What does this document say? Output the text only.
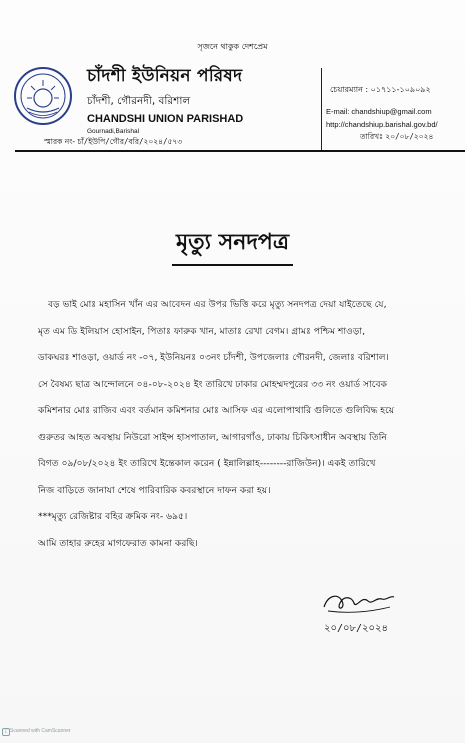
সৃজনে থাকুক দেশপ্রেম
চাঁদশী ইউনিয়ন পরিষদ
চাঁদশী, গৌরনদী, বরিশাল
CHANDSHI UNION PARISHAD
Gournadi,Barishal
স্মারক নং- চাঁ/ইউপি/গৌর/বরি/২০২৪/৫৭৩
চেয়ারম্যান : ০১৭১১-১০৯০৯২
E-mail: chandshiup@gmail.com
http://chandshiup.barishal.gov.bd/
তারিখঃ ২০/০৮/২০২৪
মৃত্যু সনদপত্র

বড় ভাই মোঃ মহাসিন খাঁন এর আবেদন এর উপর ভিত্তি করে মৃত্যু সনদপত্র দেয়া যাইতেছে যে,

মৃত এম ডি ইলিয়াস হোসাইন, পিতাঃ ফারুক খান, মাতাঃ রেখা বেগম। গ্রামঃ পশ্চিম শাওড়া,

ডাকঘরঃ শাওড়া, ওয়ার্ড নং -০৭, ইউনিয়নঃ ০৩নং চাঁদশী, উপজেলাঃ গৌরনদী, জেলাঃ বরিশাল।

সে বৈষম্য ছাত্র আন্দোলনে ০৪-০৮-২০২৪ ইং তারিখে ঢাকার মোহম্মদপুরের ৩৩ নং ওয়ার্ড সাবেক

কমিশনার মোঃ রাজিব এবং বর্তমান কমিশনার মোঃ আসিফ এর এলোপাথারি গুলিতে গুলিবিদ্ধ হয়ে

গুরুতর আহত অবস্থায় নিউরো সাইন্স হাসপাতাল, আগারগাঁও, ঢাকায় চিকিৎসাধীন অবস্থায় তিনি

বিগত ০৯/০৮/২০২৪ ইং তারিখে ইন্তেকাল করেন ( ইন্নালিল্লাহ--------রাজিউন)। একই তারিখে

নিজ বাড়িতে জানাযা শেষে পারিবারিক কবরস্থানে দাফন করা হয়।

***মৃত্যু রেজিষ্টার বহির ক্রমিক নং- ৬৯৫।

আমি তাহার রুহের মাগফেরাত কামনা করছি।

২০/০৮/২০২৪
C Scanned with CamScanner
